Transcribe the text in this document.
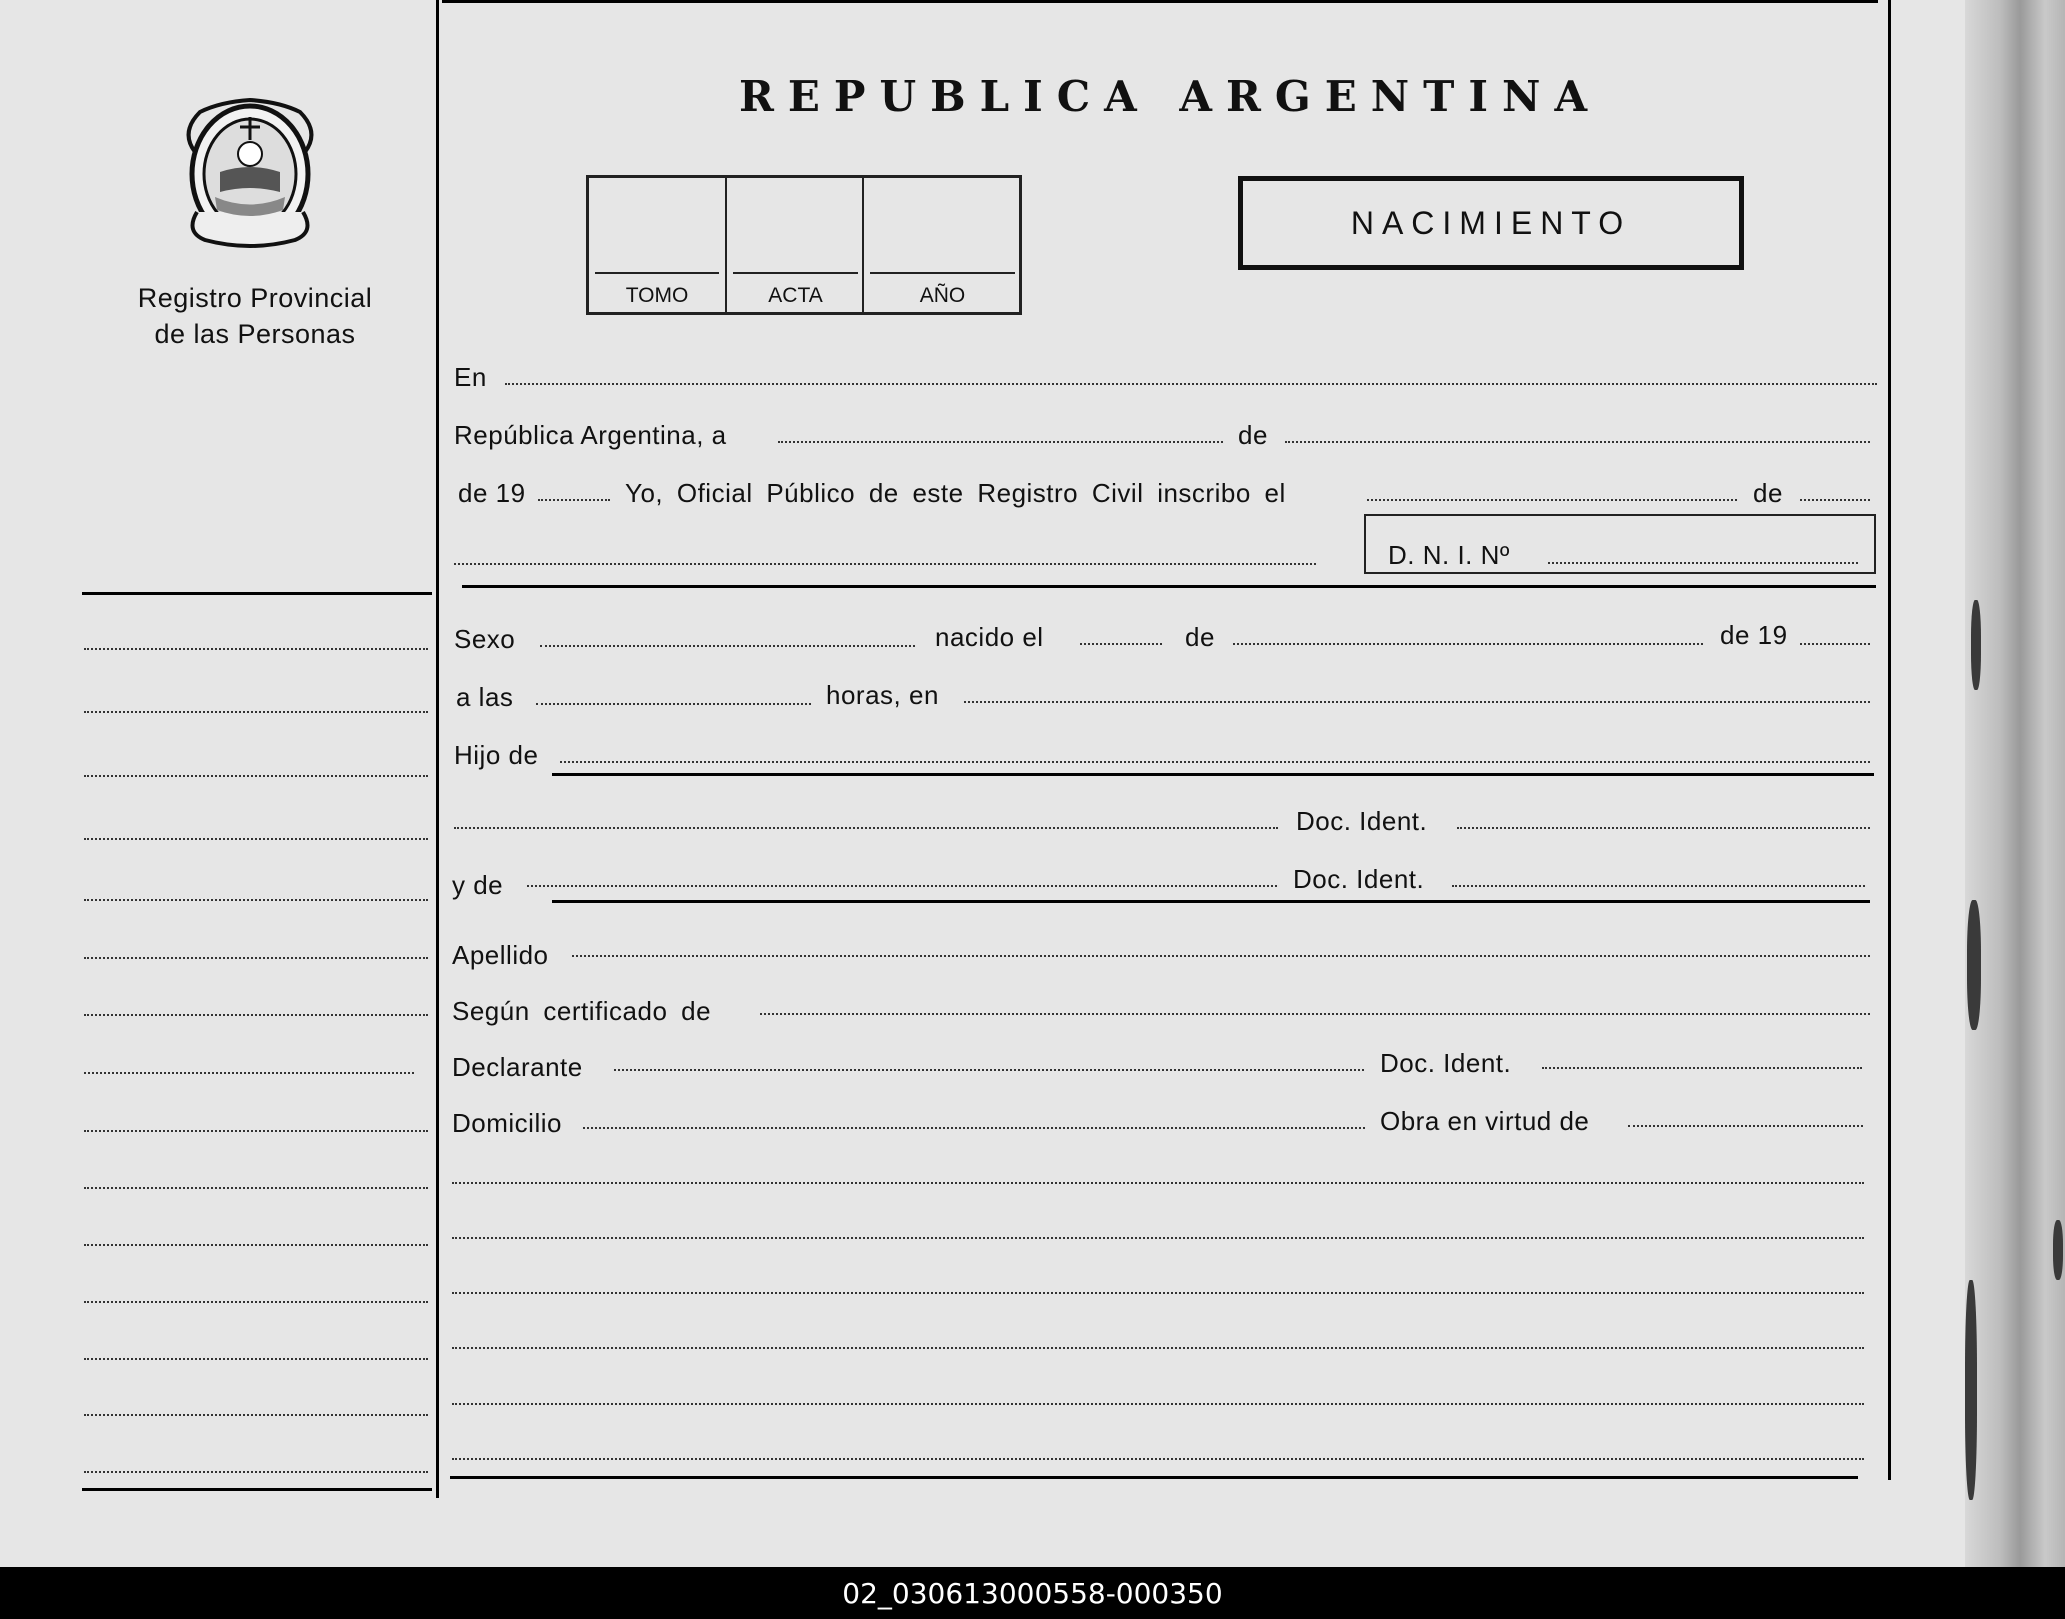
Registro Provincial
de las Personas
REPUBLICA ARGENTINA
TOMO	ACTA	AÑO
NACIMIENTO
En
República Argentina, a	de
de 19	Yo, Oficial Público de este Registro Civil inscribo el	de
D. N. I. Nº
Sexo	nacido el	de	de 19
a las	horas, en
Hijo de
Doc. Ident.
y de	Doc. Ident.
Apellido
Según certificado de
Declarante	Doc. Ident.
Domicilio	Obra en virtud de
02_030613000558-000350
